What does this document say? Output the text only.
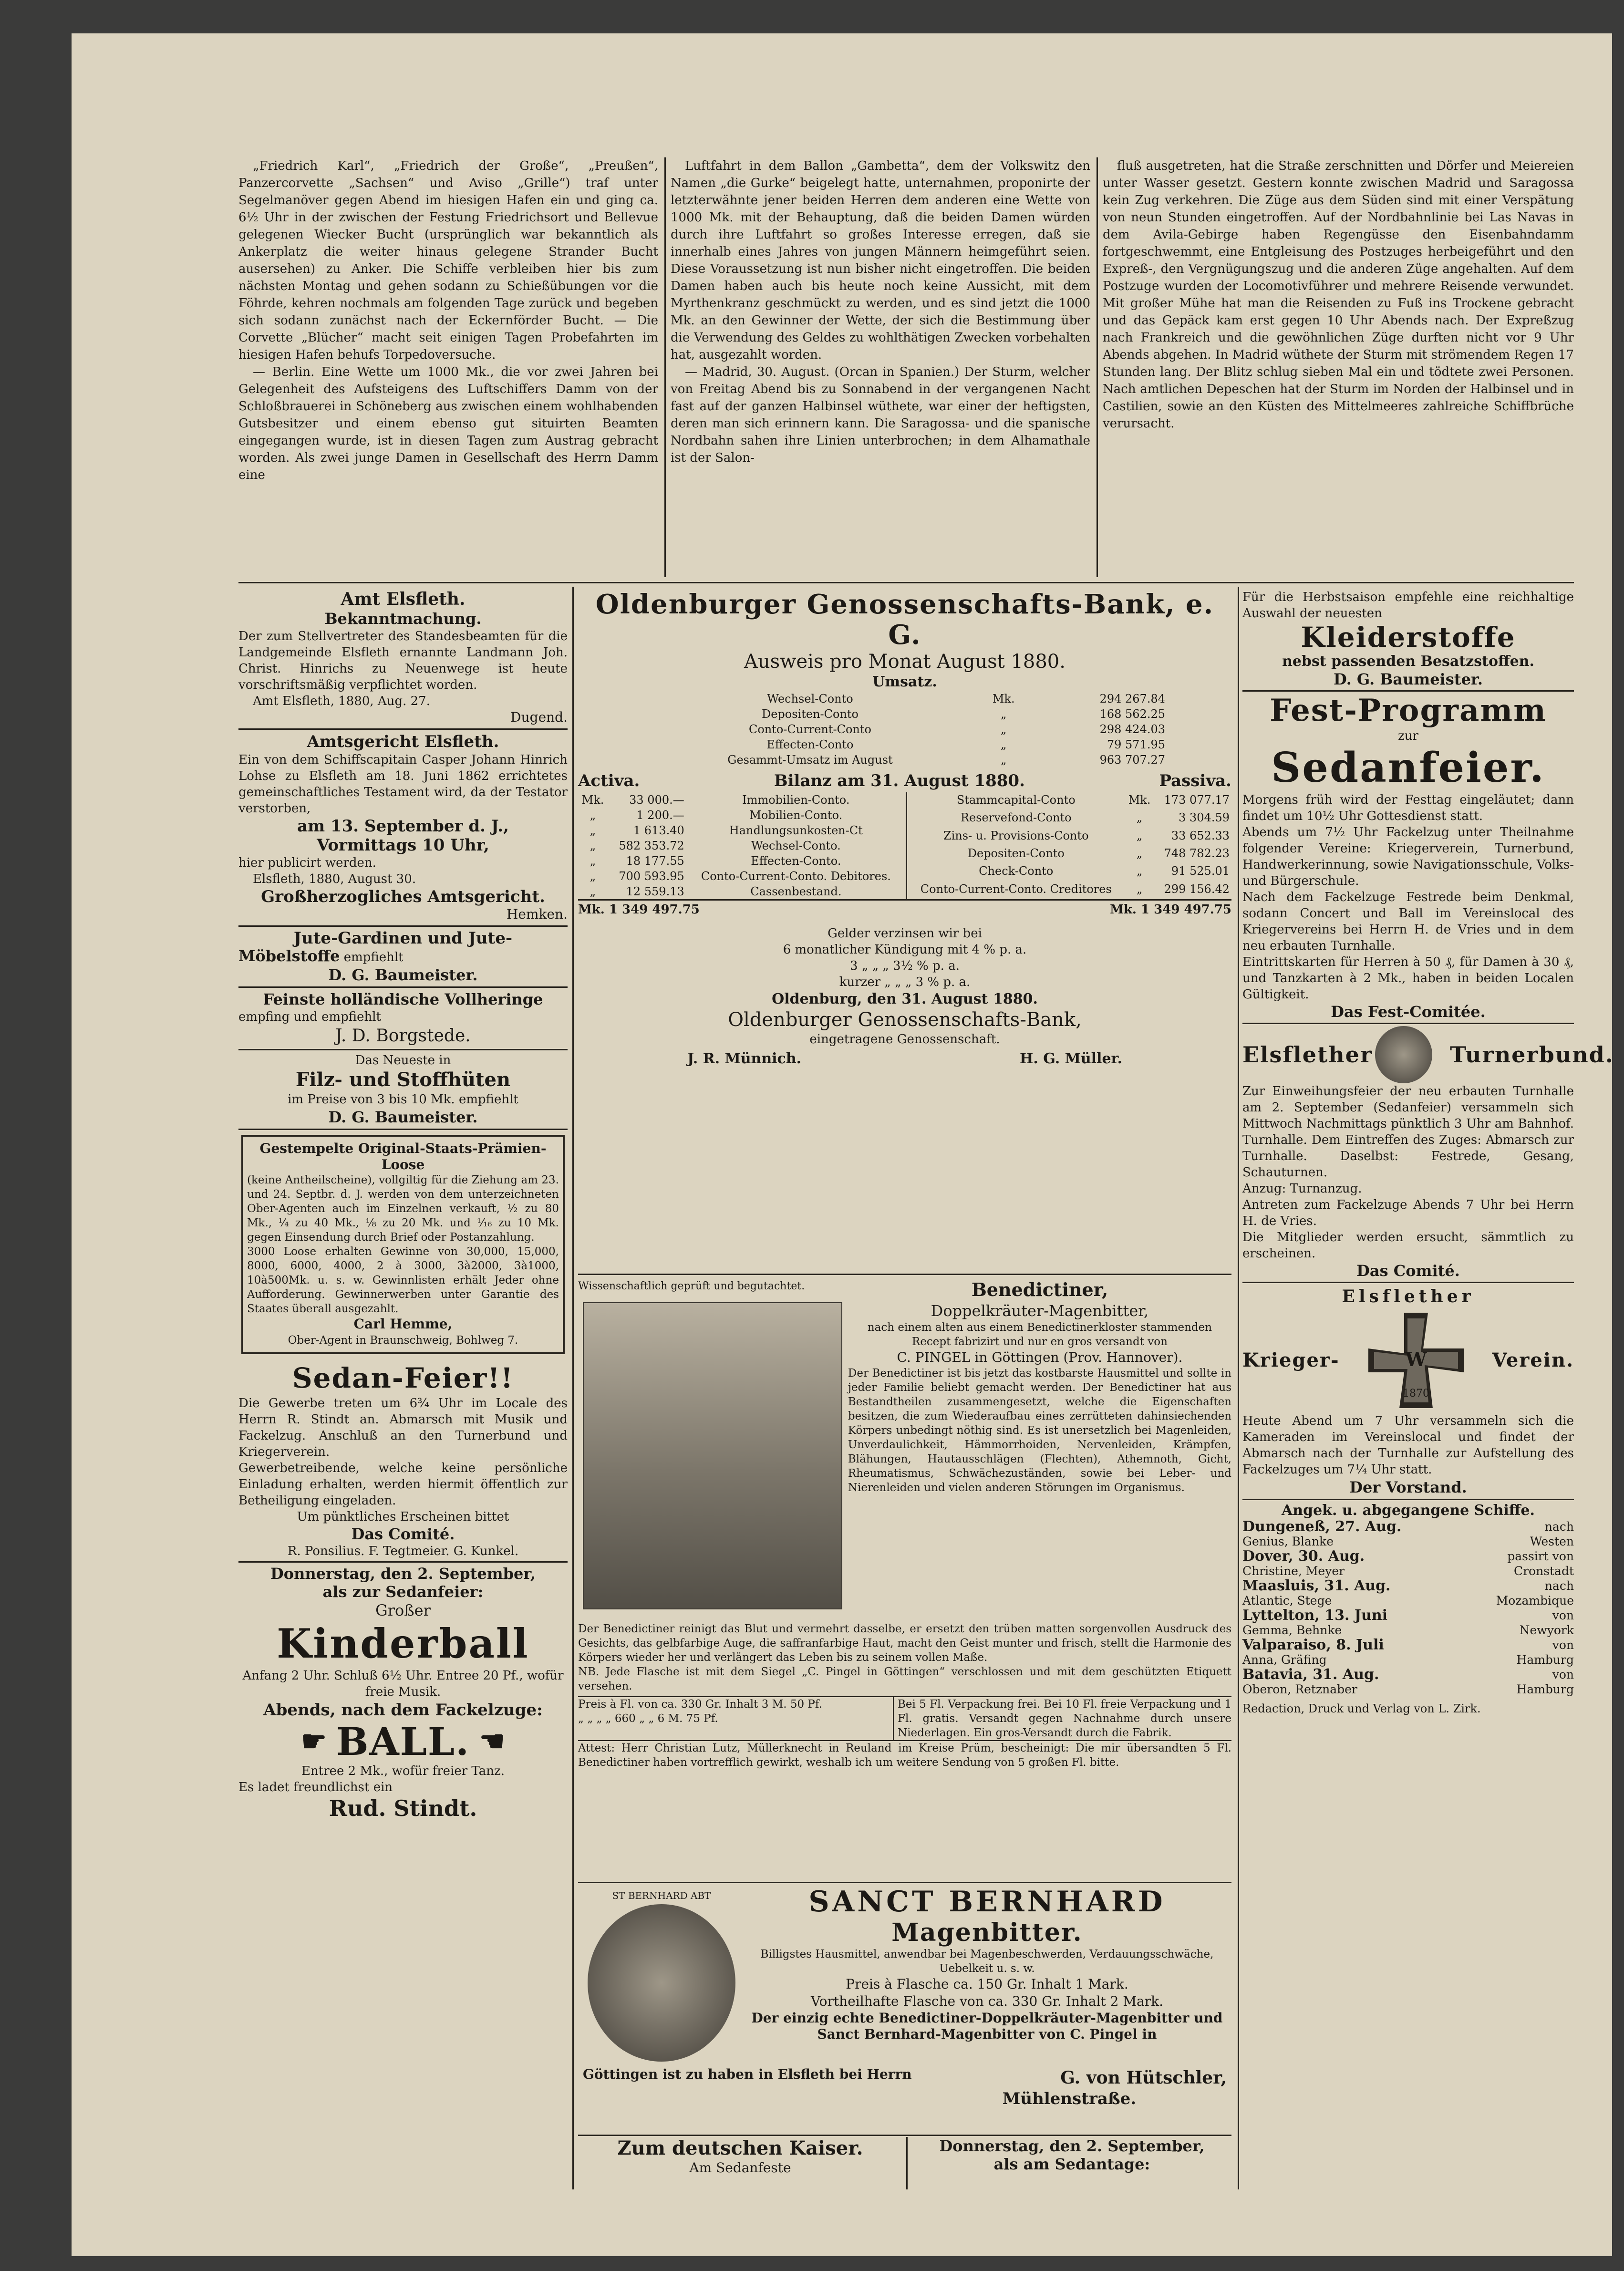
„Friedrich Karl“, „Friedrich der Große“, „Preußen“, Panzercorvette „Sachsen“ und Aviso „Grille“) traf unter Segelmanöver gegen Abend im hiesigen Hafen ein und ging ca. 6½ Uhr in der zwischen der Festung Friedrichsort und Bellevue gelegenen Wiecker Bucht (ursprünglich war bekanntlich als Ankerplatz die weiter hinaus gelegene Strander Bucht ausersehen) zu Anker. Die Schiffe verbleiben hier bis zum nächsten Montag und gehen sodann zu Schießübungen vor die Föhrde, kehren nochmals am folgenden Tage zurück und begeben sich sodann zunächst nach der Eckernförder Bucht. — Die Corvette „Blücher“ macht seit einigen Tagen Probefahrten im hiesigen Hafen behufs Torpedoversuche.

— Berlin. Eine Wette um 1000 Mk., die vor zwei Jahren bei Gelegenheit des Aufsteigens des Luftschiffers Damm von der Schloßbrauerei in Schöneberg aus zwischen einem wohlhabenden Gutsbesitzer und einem ebenso gut situirten Beamten eingegangen wurde, ist in diesen Tagen zum Austrag gebracht worden. Als zwei junge Damen in Gesellschaft des Herrn Damm eine

Luftfahrt in dem Ballon „Gambetta“, dem der Volkswitz den Namen „die Gurke“ beigelegt hatte, unternahmen, proponirte der letzterwähnte jener beiden Herren dem anderen eine Wette von 1000 Mk. mit der Behauptung, daß die beiden Damen würden durch ihre Luftfahrt so großes Interesse erregen, daß sie innerhalb eines Jahres von jungen Männern heimgeführt seien. Diese Voraussetzung ist nun bisher nicht eingetroffen. Die beiden Damen haben auch bis heute noch keine Aussicht, mit dem Myrthenkranz geschmückt zu werden, und es sind jetzt die 1000 Mk. an den Gewinner der Wette, der sich die Bestimmung über die Verwendung des Geldes zu wohlthätigen Zwecken vorbehalten hat, ausgezahlt worden.

— Madrid, 30. August. (Orcan in Spanien.) Der Sturm, welcher von Freitag Abend bis zu Sonnabend in der vergangenen Nacht fast auf der ganzen Halbinsel wüthete, war einer der heftigsten, deren man sich erinnern kann. Die Saragossa- und die spanische Nordbahn sahen ihre Linien unterbrochen; in dem Alhamathale ist der Salon-

fluß ausgetreten, hat die Straße zerschnitten und Dörfer und Meiereien unter Wasser gesetzt. Gestern konnte zwischen Madrid und Saragossa kein Zug verkehren. Die Züge aus dem Süden sind mit einer Verspätung von neun Stunden eingetroffen. Auf der Nordbahnlinie bei Las Navas in dem Avila-Gebirge haben Regengüsse den Eisenbahndamm fortgeschwemmt, eine Entgleisung des Postzuges herbeigeführt und den Expreß-, den Vergnügungszug und die anderen Züge angehalten. Auf dem Postzuge wurden der Locomotivführer und mehrere Reisende verwundet. Mit großer Mühe hat man die Reisenden zu Fuß ins Trockene gebracht und das Gepäck kam erst gegen 10 Uhr Abends nach. Der Expreßzug nach Frankreich und die gewöhnlichen Züge durften nicht vor 9 Uhr Abends abgehen. In Madrid wüthete der Sturm mit strömendem Regen 17 Stunden lang. Der Blitz schlug sieben Mal ein und tödtete zwei Personen. Nach amtlichen Depeschen hat der Sturm im Norden der Halbinsel und in Castilien, sowie an den Küsten des Mittelmeeres zahlreiche Schiffbrüche verursacht.

Amt Elsfleth.
Bekanntmachung.
Der zum Stellvertreter des Standesbeamten für die Landgemeinde Elsfleth ernannte Landmann Joh. Christ. Hinrichs zu Neuenwege ist heute vorschriftsmäßig verpflichtet worden.
Amt Elsfleth, 1880, Aug. 27.
Dugend.
Amtsgericht Elsfleth.
Ein von dem Schiffscapitain Casper Johann Hinrich Lohse zu Elsfleth am 18. Juni 1862 errichtetes gemeinschaftliches Testament wird, da der Testator verstorben,
am 13. September d. J.,
Vormittags 10 Uhr,
hier publicirt werden.
Elsfleth, 1880, August 30.
Großherzogliches Amtsgericht.
Hemken.
Jute-Gardinen und Jute-
Möbelstoffe empfiehlt
D. G. Baumeister.
Feinste holländische Vollheringe
empfing und empfiehlt
J. D. Borgstede.
Das Neueste in
Filz- und Stoffhüten
im Preise von 3 bis 10 Mk. empfiehlt
D. G. Baumeister.
Gestempelte Original-Staats-Prämien-Loose
(keine Antheilscheine), vollgiltig für die Ziehung am 23. und 24. Septbr. d. J. werden von dem unterzeichneten Ober-Agenten auch im Einzelnen verkauft, ½ zu 80 Mk., ¼ zu 40 Mk., ⅛ zu 20 Mk. und ⅟₁₆ zu 10 Mk. gegen Einsendung durch Brief oder Postanzahlung.
3000 Loose erhalten Gewinne von 30,000, 15,000, 8000, 6000, 4000, 2 à 3000, 3à2000, 3à1000, 10à500Mk. u. s. w. Gewinnlisten erhält Jeder ohne Aufforderung. Gewinnerwerben unter Garantie des Staates überall ausgezahlt.
Carl Hemme,
Ober-Agent in Braunschweig, Bohlweg 7.
Sedan-Feier!!
Die Gewerbe treten um 6¾ Uhr im Locale des Herrn R. Stindt an. Abmarsch mit Musik und Fackelzug. Anschluß an den Turnerbund und Kriegerverein.
Gewerbetreibende, welche keine persönliche Einladung erhalten, werden hiermit öffentlich zur Betheiligung eingeladen.
Um pünktliches Erscheinen bittet
Das Comité.
R. Ponsilius. F. Tegtmeier. G. Kunkel.
Donnerstag, den 2. September,
als zur Sedanfeier:
Großer
Kinderball
Anfang 2 Uhr. Schluß 6½ Uhr. Entree 20 Pf., wofür freie Musik.
Abends, nach dem Fackelzuge:
☛ BALL. ☚
Entree 2 Mk., wofür freier Tanz.
Es ladet freundlichst ein
Rud. Stindt.
Oldenburger Genossenschafts-Bank, e. G.
Ausweis pro Monat August 1880.
Umsatz.
Wechsel-Conto	Mk.	294 267.84
Depositen-Conto	„	168 562.25
Conto-Current-Conto	„	298 424.03
Effecten-Conto	„	79 571.95
Gesammt-Umsatz im August	„	963 707.27
Activa.	Bilanz am 31. August 1880.	Passiva.
Mk.	33 000.—	Immobilien-Conto.
„	1 200.—	Mobilien-Conto.
„	1 613.40	Handlungsunkosten-Ct
„	582 353.72	Wechsel-Conto.
„	18 177.55	Effecten-Conto.
„	700 593.95	Conto-Current-Conto. Debitores.
„	12 559.13	Cassenbestand.
Stammcapital-Conto	Mk.	173 077.17
Reservefond-Conto	„	3 304.59
Zins- u. Provisions-Conto	„	33 652.33
Depositen-Conto	„	748 782.23
Check-Conto	„	91 525.01
Conto-Current-Conto. Creditores	„	299 156.42
Mk. 1 349 497.75	Mk. 1 349 497.75
Gelder verzinsen wir bei
6 monatlicher Kündigung mit 4 % p. a.
3 „ „ „ 3½ % p. a.
kurzer „ „ „ 3 % p. a.
Oldenburg, den 31. August 1880.
Oldenburger Genossenschafts-Bank,
eingetragene Genossenschaft.
J. R. Münnich.	H. G. Müller.
Wissenschaftlich geprüft und begutachtet.	Benedictiner,
Doppelkräuter-Magenbitter,
nach einem alten aus einem Benedictinerkloster stammenden Recept fabrizirt und nur en gros versandt von
C. PINGEL in Göttingen (Prov. Hannover).
Der Benedictiner ist bis jetzt das kostbarste Hausmittel und sollte in jeder Familie beliebt gemacht werden. Der Benedictiner hat aus Bestandtheilen zusammengesetzt, welche die Eigenschaften besitzen, die zum Wiederaufbau eines zerrütteten dahinsiechenden Körpers unbedingt nöthig sind. Es ist unersetzlich bei Magenleiden, Unverdaulichkeit, Hämmorrhoiden, Nervenleiden, Krämpfen, Blähungen, Hautausschlägen (Flechten), Athemnoth, Gicht, Rheumatismus, Schwächezuständen, sowie bei Leber- und Nierenleiden und vielen anderen Störungen im Organismus.
Der Benedictiner reinigt das Blut und vermehrt dasselbe, er ersetzt den trüben matten sorgenvollen Ausdruck des Gesichts, das gelbfarbige Auge, die saffranfarbige Haut, macht den Geist munter und frisch, stellt die Harmonie des Körpers wieder her und verlängert das Leben bis zu seinem vollen Maße.
NB. Jede Flasche ist mit dem Siegel „C. Pingel in Göttingen“ verschlossen und mit dem geschützten Etiquett versehen.
Preis à Fl. von ca. 330 Gr. Inhalt 3 M. 50 Pf.
„ „ „ „ 660 „ „ 6 M. 75 Pf.
Bei 5 Fl. Verpackung frei. Bei 10 Fl. freie Verpackung und 1 Fl. gratis. Versandt gegen Nachnahme durch unsere Niederlagen. Ein gros-Versandt durch die Fabrik.
Attest: Herr Christian Lutz, Müllerknecht in Reuland im Kreise Prüm, bescheinigt: Die mir übersandten 5 Fl. Benedictiner haben vortrefflich gewirkt, weshalb ich um weitere Sendung von 5 großen Fl. bitte.
ST BERNHARD ABT	SANCT BERNHARD
Magenbitter.
Billigstes Hausmittel, anwendbar bei Magenbeschwerden, Verdauungsschwäche, Uebelkeit u. s. w.
Preis à Flasche ca. 150 Gr. Inhalt 1 Mark.
Vortheilhafte Flasche von ca. 330 Gr. Inhalt 2 Mark.
Der einzig echte Benedictiner-Doppelkräuter-Magenbitter und Sanct Bernhard-Magenbitter von C. Pingel in
Göttingen ist zu haben in Elsfleth bei Herrn	G. von Hütschler,
Mühlenstraße.
Zum deutschen Kaiser.
Am Sedanfeste
Donnerstag, den 2. September,
als am Sedantage:
Für die Herbstsaison empfehle eine reichhaltige Auswahl der neuesten
Kleiderstoffe
nebst passenden Besatzstoffen.
D. G. Baumeister.
Fest-Programm
zur
Sedanfeier.
Morgens früh wird der Festtag eingeläutet; dann findet um 10½ Uhr Gottesdienst statt.
Abends um 7½ Uhr Fackelzug unter Theilnahme folgender Vereine: Kriegerverein, Turnerbund, Handwerkerinnung, sowie Navigationsschule, Volks- und Bürgerschule.
Nach dem Fackelzuge Festrede beim Denkmal, sodann Concert und Ball im Vereinslocal des Kriegervereins bei Herrn H. de Vries und in dem neu erbauten Turnhalle.
Eintrittskarten für Herren à 50 ₰, für Damen à 30 ₰, und Tanzkarten à 2 Mk., haben in beiden Localen Gültigkeit.
Das Fest-Comitée.
Elsflether	Turnerbund.
Zur Einweihungsfeier der neu erbauten Turnhalle am 2. September (Sedanfeier) versammeln sich Mittwoch Nachmittags pünktlich 3 Uhr am Bahnhof. Turnhalle. Dem Eintreffen des Zuges: Abmarsch zur Turnhalle. Daselbst: Festrede, Gesang, Schauturnen.
Anzug: Turnanzug.
Antreten zum Fackelzuge Abends 7 Uhr bei Herrn H. de Vries.
Die Mitglieder werden ersucht, sämmtlich zu erscheinen.
Das Comité.
Elsflether
Krieger-	W
1870
Verein.
Heute Abend um 7 Uhr versammeln sich die Kameraden im Vereinslocal und findet der Abmarsch nach der Turnhalle zur Aufstellung des Fackelzuges um 7¼ Uhr statt.
Der Vorstand.
Angek. u. abgegangene Schiffe.
Dungeneß, 27. Aug.	nach
Genius, Blanke	Westen
Dover, 30. Aug.	passirt von
Christine, Meyer	Cronstadt
Maasluis, 31. Aug.	nach
Atlantic, Stege	Mozambique
Lyttelton, 13. Juni	von
Gemma, Behnke	Newyork
Valparaiso, 8. Juli	von
Anna, Gräfing	Hamburg
Batavia, 31. Aug.	von
Oberon, Retznaber	Hamburg
Redaction, Druck und Verlag von L. Zirk.
